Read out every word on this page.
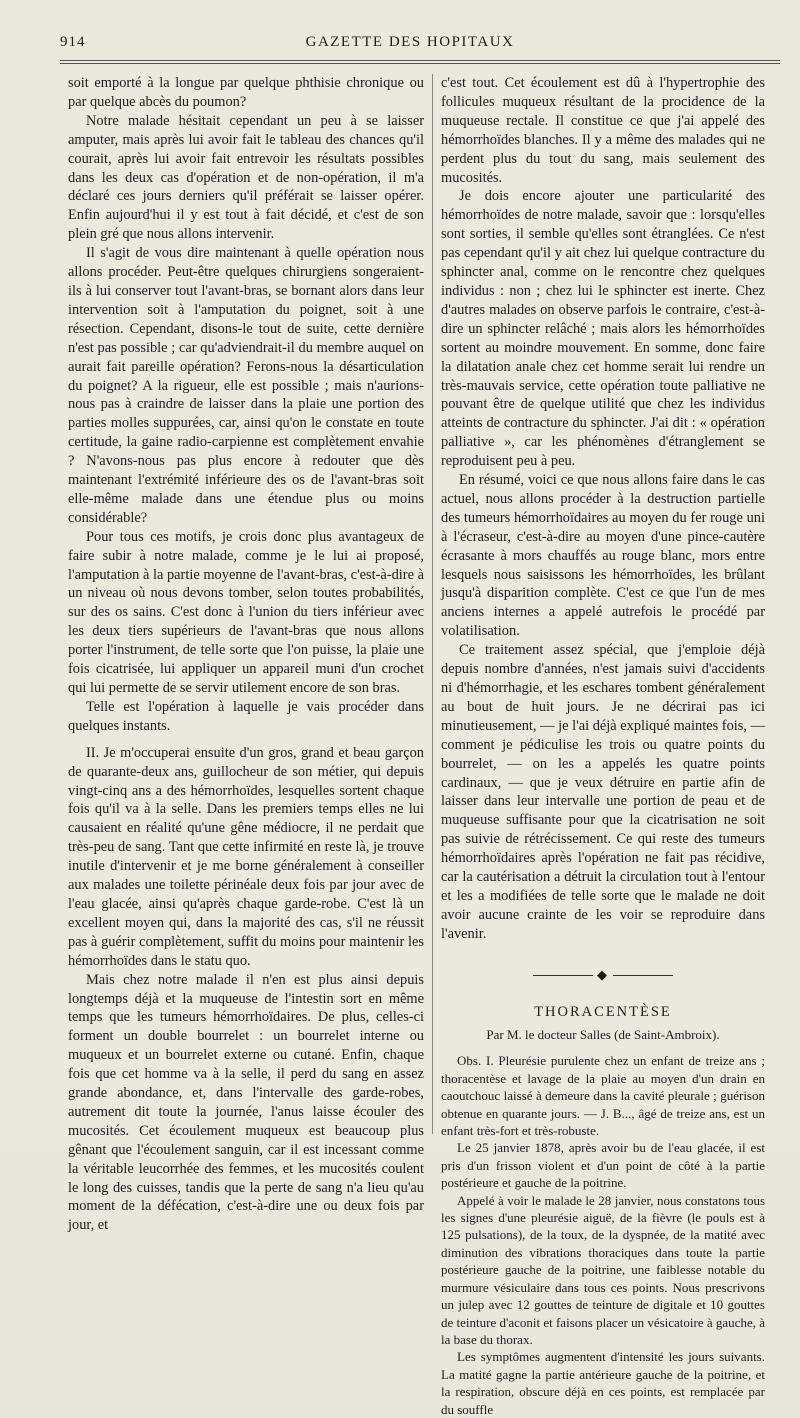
914	GAZETTE DES HOPITAUX

soit emporté à la longue par quelque phthisie chronique ou par quelque abcès du poumon?

Notre malade hésitait cependant un peu à se laisser amputer, mais après lui avoir fait le tableau des chances qu'il courait, après lui avoir fait entrevoir les résultats possibles dans les deux cas d'opération et de non-opération, il m'a déclaré ces jours derniers qu'il préférait se laisser opérer. Enfin aujourd'hui il y est tout à fait décidé, et c'est de son plein gré que nous allons intervenir.

Il s'agit de vous dire maintenant à quelle opération nous allons procéder. Peut-être quelques chirurgiens songeraient-ils à lui conserver tout l'avant-bras, se bornant alors dans leur intervention soit à l'amputation du poignet, soit à une résection. Cependant, disons-le tout de suite, cette dernière n'est pas possible ; car qu'adviendrait-il du membre auquel on aurait fait pareille opération? Ferons-nous la désarticulation du poignet? A la rigueur, elle est possible ; mais n'aurions-nous pas à craindre de laisser dans la plaie une portion des parties molles suppurées, car, ainsi qu'on le constate en toute certitude, la gaine radio-carpienne est complètement envahie ? N'avons-nous pas plus encore à redouter que dès maintenant l'extrémité inférieure des os de l'avant-bras soit elle-même malade dans une étendue plus ou moins considérable?

Pour tous ces motifs, je crois donc plus avantageux de faire subir à notre malade, comme je le lui ai proposé, l'amputation à la partie moyenne de l'avant-bras, c'est-à-dire à un niveau où nous devons tomber, selon toutes probabilités, sur des os sains. C'est donc à l'union du tiers inférieur avec les deux tiers supérieurs de l'avant-bras que nous allons porter l'instrument, de telle sorte que l'on puisse, la plaie une fois cicatrisée, lui appliquer un appareil muni d'un crochet qui lui permette de se servir utilement encore de son bras.

Telle est l'opération à laquelle je vais procéder dans quelques instants.

II. Je m'occuperai ensuite d'un gros, grand et beau garçon de quarante-deux ans, guillocheur de son métier, qui depuis vingt-cinq ans a des hémorrhoïdes, lesquelles sortent chaque fois qu'il va à la selle. Dans les premiers temps elles ne lui causaient en réalité qu'une gêne médiocre, il ne perdait que très-peu de sang. Tant que cette infirmité en reste là, je trouve inutile d'intervenir et je me borne généralement à conseiller aux malades une toilette périnéale deux fois par jour avec de l'eau glacée, ainsi qu'après chaque garde-robe. C'est là un excellent moyen qui, dans la majorité des cas, s'il ne réussit pas à guérir complètement, suffit du moins pour maintenir les hémorrhoïdes dans le statu quo.

Mais chez notre malade il n'en est plus ainsi depuis longtemps déjà et la muqueuse de l'intestin sort en même temps que les tumeurs hémorrhoïdaires. De plus, celles-ci forment un double bourrelet : un bourrelet interne ou muqueux et un bourrelet externe ou cutané. Enfin, chaque fois que cet homme va à la selle, il perd du sang en assez grande abondance, et, dans l'intervalle des garde-robes, autrement dit toute la journée, l'anus laisse écouler des mucosités. Cet écoulement muqueux est beaucoup plus gênant que l'écoulement sanguin, car il est incessant comme la véritable leucorrhée des femmes, et les mucosités coulent le long des cuisses, tandis que la perte de sang n'a lieu qu'au moment de la défécation, c'est-à-dire une ou deux fois par jour, et

c'est tout. Cet écoulement est dû à l'hypertrophie des follicules muqueux résultant de la procidence de la muqueuse rectale. Il constitue ce que j'ai appelé des hémorrhoïdes blanches. Il y a même des malades qui ne perdent plus du tout du sang, mais seulement des mucosités.

Je dois encore ajouter une particularité des hémorrhoïdes de notre malade, savoir que : lorsqu'elles sont sorties, il semble qu'elles sont étranglées. Ce n'est pas cependant qu'il y ait chez lui quelque contracture du sphincter anal, comme on le rencontre chez quelques individus : non ; chez lui le sphincter est inerte. Chez d'autres malades on observe parfois le contraire, c'est-à-dire un sphincter relâché ; mais alors les hémorrhoïdes sortent au moindre mouvement. En somme, donc faire la dilatation anale chez cet homme serait lui rendre un très-mauvais service, cette opération toute palliative ne pouvant être de quelque utilité que chez les individus atteints de contracture du sphincter. J'ai dit : « opération palliative », car les phénomènes d'étranglement se reproduisent peu à peu.

En résumé, voici ce que nous allons faire dans le cas actuel, nous allons procéder à la destruction partielle des tumeurs hémorrhoïdaires au moyen du fer rouge uni à l'écraseur, c'est-à-dire au moyen d'une pince-cautère écrasante à mors chauffés au rouge blanc, mors entre lesquels nous saisissons les hémorrhoïdes, les brûlant jusqu'à disparition complète. C'est ce que l'un de mes anciens internes a appelé autrefois le procédé par volatilisation.

Ce traitement assez spécial, que j'emploie déjà depuis nombre d'années, n'est jamais suivi d'accidents ni d'hémorrhagie, et les eschares tombent généralement au bout de huit jours. Je ne décrirai pas ici minutieusement, — je l'ai déjà expliqué maintes fois, — comment je pédiculise les trois ou quatre points du bourrelet, — on les a appelés les quatre points cardinaux, — que je veux détruire en partie afin de laisser dans leur intervalle une portion de peau et de muqueuse suffisante pour que la cicatrisation ne soit pas suivie de rétrécissement. Ce qui reste des tumeurs hémorrhoïdaires après l'opération ne fait pas récidive, car la cautérisation a détruit la circulation tout à l'entour et les a modifiées de telle sorte que le malade ne doit avoir aucune crainte de les voir se reproduire dans l'avenir.

◆
THORACENTÈSE
Par M. le docteur Salles (de Saint-Ambroix).

Obs. I. Pleurésie purulente chez un enfant de treize ans ; thoracentèse et lavage de la plaie au moyen d'un drain en caoutchouc laissé à demeure dans la cavité pleurale ; guérison obtenue en quarante jours. — J. B..., âgé de treize ans, est un enfant très-fort et très-robuste.

Le 25 janvier 1878, après avoir bu de l'eau glacée, il est pris d'un frisson violent et d'un point de côté à la partie postérieure et gauche de la poitrine.

Appelé à voir le malade le 28 janvier, nous constatons tous les signes d'une pleurésie aiguë, de la fièvre (le pouls est à 125 pulsations), de la toux, de la dyspnée, de la matité avec diminution des vibrations thoraciques dans toute la partie postérieure gauche de la poitrine, une faiblesse notable du murmure vésiculaire dans tous ces points. Nous prescrivons un julep avec 12 gouttes de teinture de digitale et 10 gouttes de teinture d'aconit et faisons placer un vésicatoire à gauche, à la base du thorax.

Les symptômes augmentent d'intensité les jours suivants. La matité gagne la partie antérieure gauche de la poitrine, et la respiration, obscure déjà en ces points, est remplacée par du souffle
